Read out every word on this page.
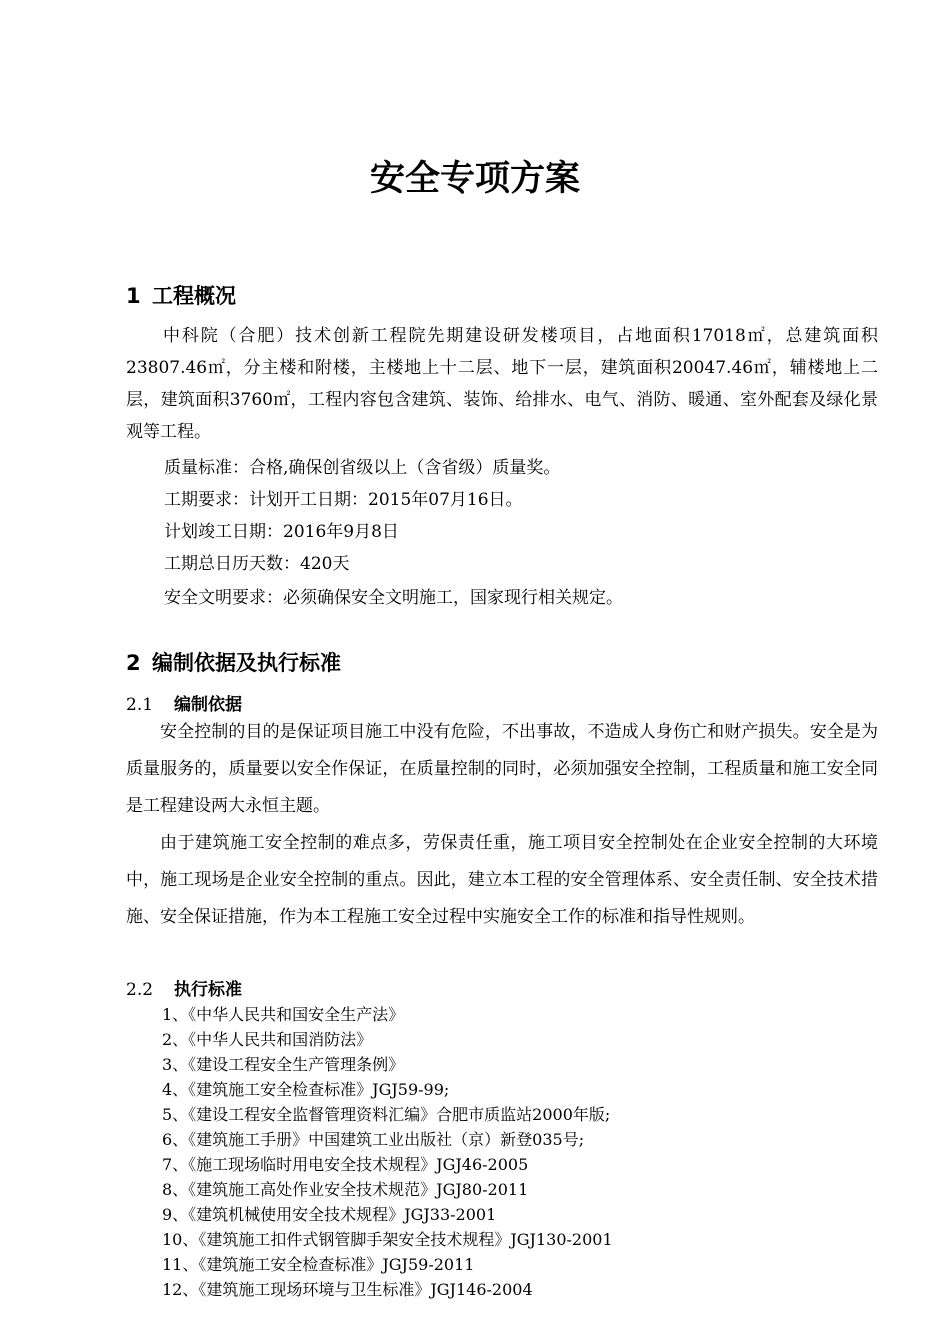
安全专项方案
1 工程概况
中科院（合肥）技术创新工程院先期建设研发楼项目，占地面积17018㎡，总建筑面积23807.46㎡，分主楼和附楼，主楼地上十二层、地下一层，建筑面积20047.46㎡，辅楼地上二层，建筑面积3760㎡，工程内容包含建筑、装饰、给排水、电气、消防、暖通、室外配套及绿化景观等工程。
质量标准：合格,确保创省级以上（含省级）质量奖。
工期要求：计划开工日期：2015年07月16日。
计划竣工日期：2016年9月8日
工期总日历天数：420天
安全文明要求：必须确保安全文明施工，国家现行相关规定。
2 编制依据及执行标准
2.1 编制依据
安全控制的目的是保证项目施工中没有危险，不出事故，不造成人身伤亡和财产损失。安全是为质量服务的，质量要以安全作保证，在质量控制的同时，必须加强安全控制，工程质量和施工安全同是工程建设两大永恒主题。
由于建筑施工安全控制的难点多，劳保责任重，施工项目安全控制处在企业安全控制的大环境中，施工现场是企业安全控制的重点。因此，建立本工程的安全管理体系、安全责任制、安全技术措施、安全保证措施，作为本工程施工安全过程中实施安全工作的标准和指导性规则。
2.2 执行标准
1、《中华人民共和国安全生产法》
2、《中华人民共和国消防法》
3、《建设工程安全生产管理条例》
4、《建筑施工安全检查标准》JGJ59-99;
5、《建设工程安全监督管理资料汇编》合肥市质监站2000年版;
6、《建筑施工手册》中国建筑工业出版社（京）新登035号;
7、《施工现场临时用电安全技术规程》JGJ46-2005
8、《建筑施工高处作业安全技术规范》JGJ80-2011
9、《建筑机械使用安全技术规程》JGJ33-2001
10、《建筑施工扣件式钢管脚手架安全技术规程》JGJ130-2001
11、《建筑施工安全检查标准》JGJ59-2011
12、《建筑施工现场环境与卫生标准》JGJ146-2004
